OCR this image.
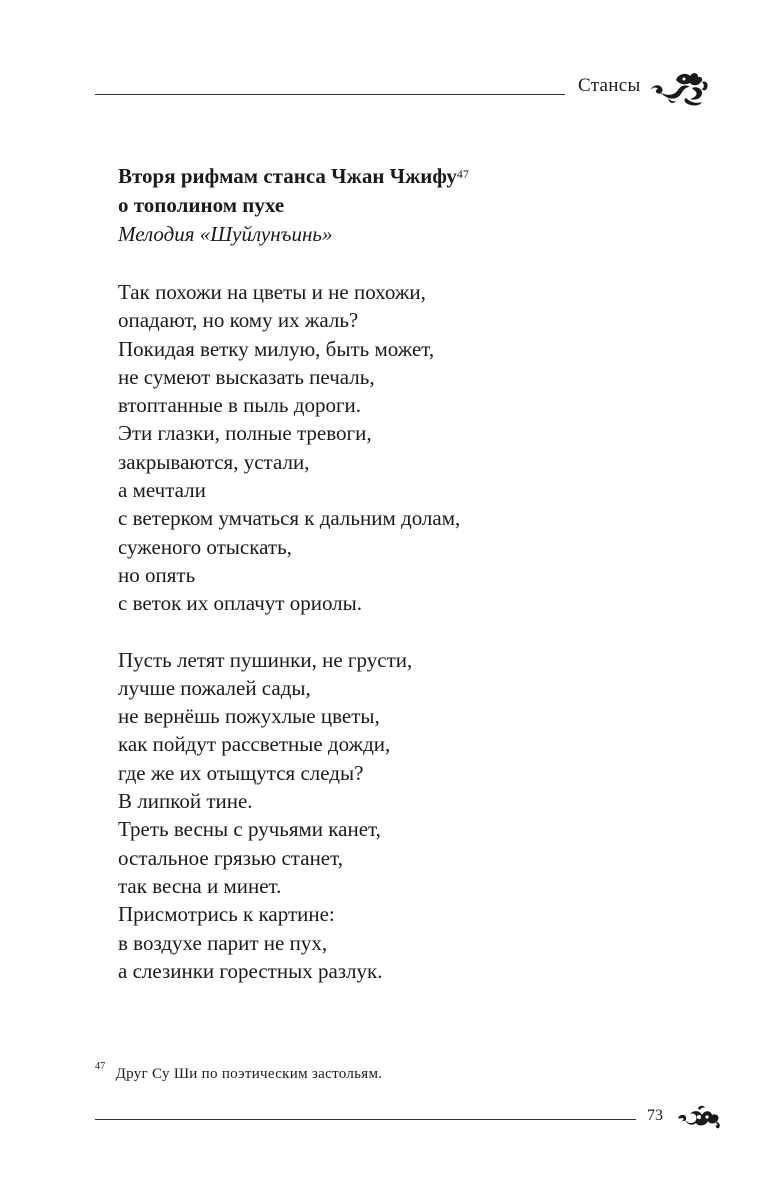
Стансы

Вторя рифмам станса Чжан Чжифу$^{47}$
о тополином пухе

Мелодия «Шуйлунъинь»

Так похожи на цветы и не похожи,
опадают, но кому их жаль?
Покидая ветку милую, быть может,
не сумеют высказать печаль,
втоптанные в пыль дороги.
Эти глазки, полные тревоги,
закрываются, устали,
а мечтали
с ветерком умчаться к дальним долам,
суженого отыскать,
но опять
с веток их оплачут ориолы.
Пусть летят пушинки, не грусти,
лучше пожалей сады,
не вернёшь пожухлые цветы,
как пойдут рассветные дожди,
где же их отыщутся следы?
В липкой тине.
Треть весны с ручьями канет,
остальное грязью станет,
так весна и минет.
Присмотрись к картине:
в воздухе парит не пух,
а слезинки горестных разлук.
$^{47}$ Друг Су Ши по поэтическим застольям.
73
